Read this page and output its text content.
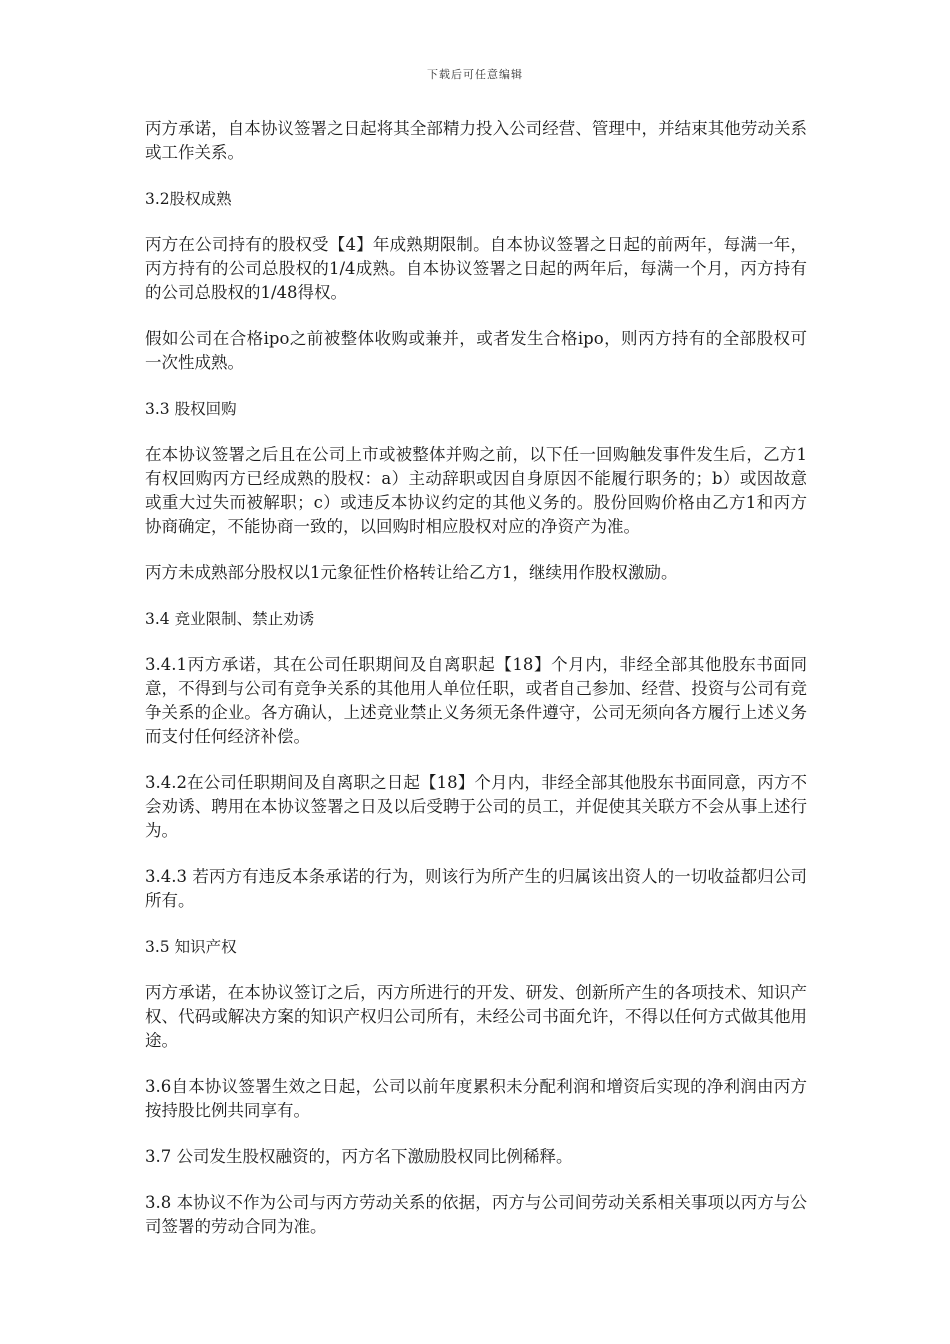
下载后可任意编辑

丙方承诺，自本协议签署之日起将其全部精力投入公司经营、管理中，并结束其他劳动关系或工作关系。

3.2股权成熟

丙方在公司持有的股权受【4】年成熟期限制。自本协议签署之日起的前两年，每满一年，丙方持有的公司总股权的1/4成熟。自本协议签署之日起的两年后，每满一个月，丙方持有的公司总股权的1/48得权。

假如公司在合格ipo之前被整体收购或兼并，或者发生合格ipo，则丙方持有的全部股权可一次性成熟。

3.3 股权回购

在本协议签署之后且在公司上市或被整体并购之前，以下任一回购触发事件发生后，乙方1有权回购丙方已经成熟的股权：a）主动辞职或因自身原因不能履行职务的；b）或因故意或重大过失而被解职；c）或违反本协议约定的其他义务的。股份回购价格由乙方1和丙方协商确定，不能协商一致的，以回购时相应股权对应的净资产为准。

丙方未成熟部分股权以1元象征性价格转让给乙方1，继续用作股权激励。

3.4 竞业限制、禁止劝诱

3.4.1丙方承诺，其在公司任职期间及自离职起【18】个月内，非经全部其他股东书面同意，不得到与公司有竞争关系的其他用人单位任职，或者自己参加、经营、投资与公司有竞争关系的企业。各方确认，上述竞业禁止义务须无条件遵守，公司无须向各方履行上述义务而支付任何经济补偿。

3.4.2在公司任职期间及自离职之日起【18】个月内，非经全部其他股东书面同意，丙方不会劝诱、聘用在本协议签署之日及以后受聘于公司的员工，并促使其关联方不会从事上述行为。

3.4.3 若丙方有违反本条承诺的行为，则该行为所产生的归属该出资人的一切收益都归公司所有。

3.5 知识产权

丙方承诺，在本协议签订之后，丙方所进行的开发、研发、创新所产生的各项技术、知识产权、代码或解决方案的知识产权归公司所有，未经公司书面允许，不得以任何方式做其他用途。

3.6自本协议签署生效之日起，公司以前年度累积未分配利润和增资后实现的净利润由丙方按持股比例共同享有。

3.7 公司发生股权融资的，丙方名下激励股权同比例稀释。

3.8 本协议不作为公司与丙方劳动关系的依据，丙方与公司间劳动关系相关事项以丙方与公司签署的劳动合同为准。
